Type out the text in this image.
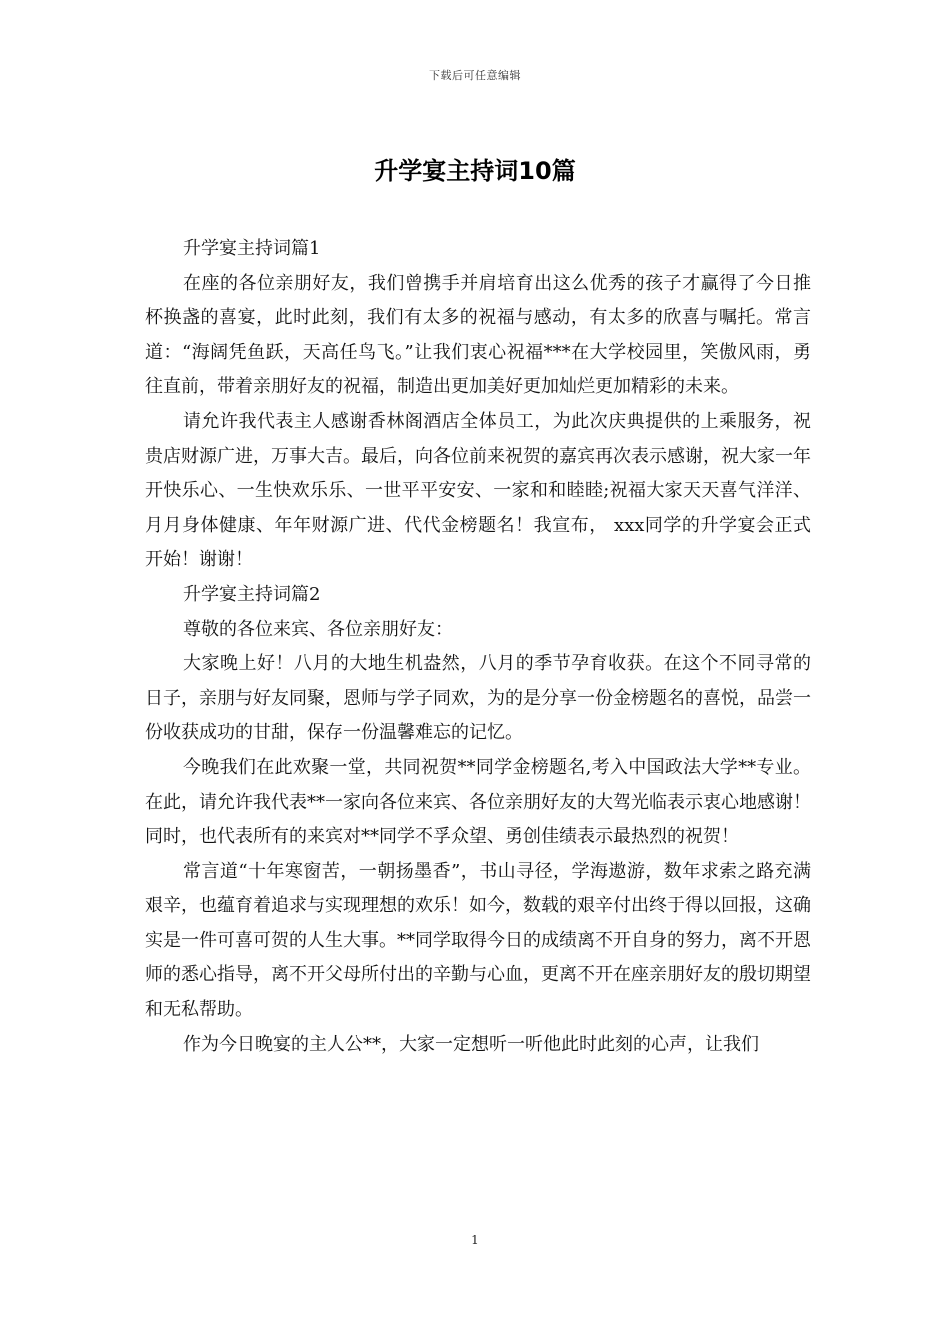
下载后可任意编辑
升学宴主持词10篇

升学宴主持词篇1

在座的各位亲朋好友，我们曾携手并肩培育出这么优秀的孩子才赢得了今日推杯换盏的喜宴，此时此刻，我们有太多的祝福与感动，有太多的欣喜与嘱托。常言道：“海阔凭鱼跃，天高任鸟飞。”让我们衷心祝福***在大学校园里，笑傲风雨，勇往直前，带着亲朋好友的祝福，制造出更加美好更加灿烂更加精彩的未来。

请允许我代表主人感谢香林阁酒店全体员工，为此次庆典提供的上乘服务，祝贵店财源广进，万事大吉。最后，向各位前来祝贺的嘉宾再次表示感谢，祝大家一年开快乐心、一生快欢乐乐、一世平平安安、一家和和睦睦;祝福大家天天喜气洋洋、月月身体健康、年年财源广进、代代金榜题名！我宣布， xxx同学的升学宴会正式开始！谢谢！

升学宴主持词篇2

尊敬的各位来宾、各位亲朋好友：

大家晚上好！八月的大地生机盎然，八月的季节孕育收获。在这个不同寻常的日子，亲朋与好友同聚，恩师与学子同欢，为的是分享一份金榜题名的喜悦，品尝一份收获成功的甘甜，保存一份温馨难忘的记忆。

今晚我们在此欢聚一堂，共同祝贺**同学金榜题名,考入中国政法大学**专业。在此，请允许我代表**一家向各位来宾、各位亲朋好友的大驾光临表示衷心地感谢！同时，也代表所有的来宾对**同学不孚众望、勇创佳绩表示最热烈的祝贺！

常言道“十年寒窗苦，一朝扬墨香”，书山寻径，学海遨游，数年求索之路充满艰辛，也蕴育着追求与实现理想的欢乐！如今，数载的艰辛付出终于得以回报，这确实是一件可喜可贺的人生大事。**同学取得今日的成绩离不开自身的努力，离不开恩师的悉心指导，离不开父母所付出的辛勤与心血，更离不开在座亲朋好友的殷切期望和无私帮助。

作为今日晚宴的主人公**，大家一定想听一听他此时此刻的心声，让我们

1
